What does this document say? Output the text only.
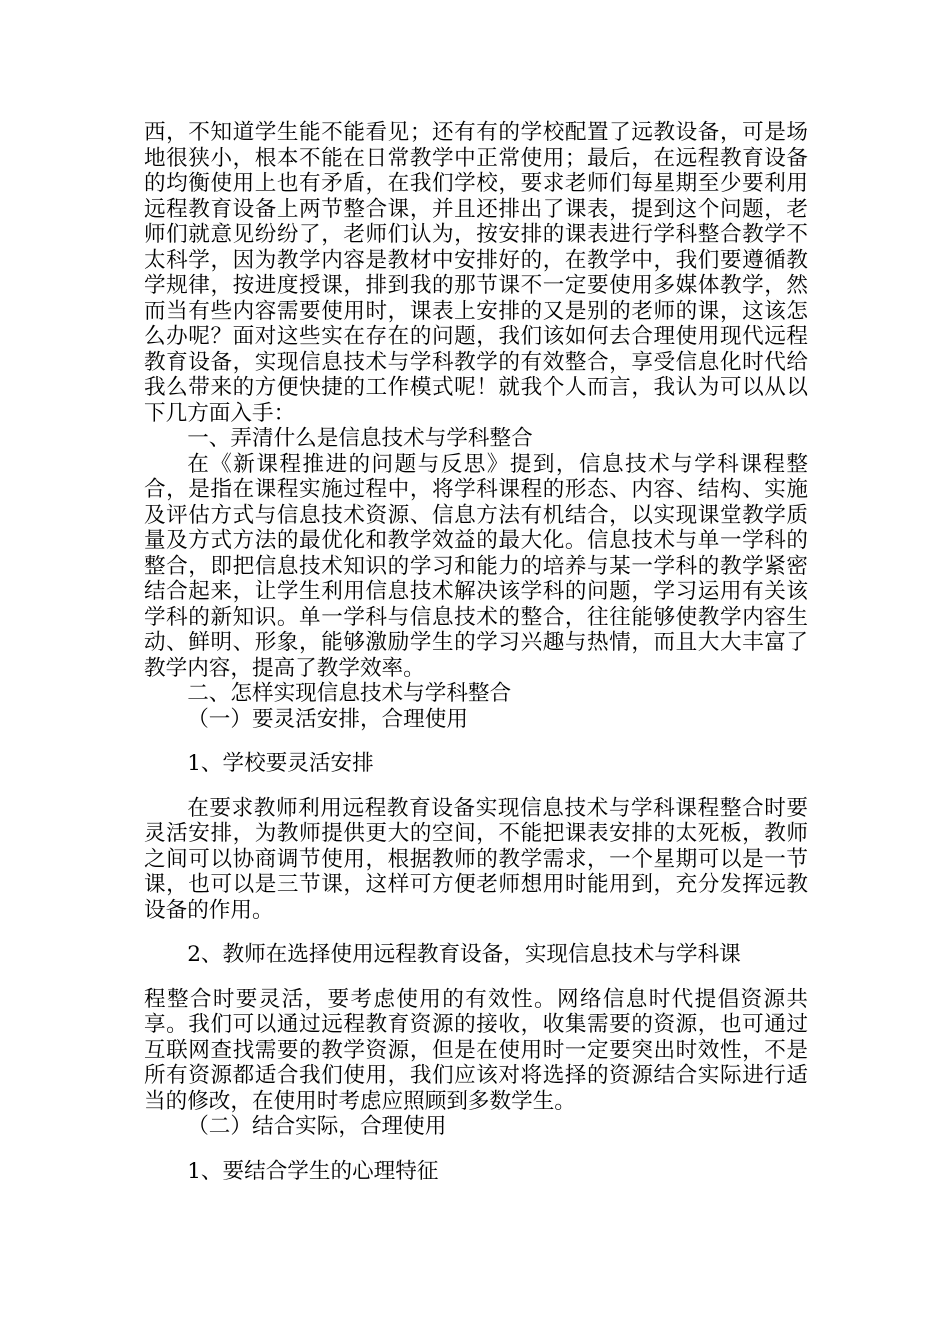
西，不知道学生能不能看见；还有有的学校配置了远教设备，可是场地很狭小，根本不能在日常教学中正常使用；最后，在远程教育设备的均衡使用上也有矛盾，在我们学校，要求老师们每星期至少要利用远程教育设备上两节整合课，并且还排出了课表，提到这个问题，老师们就意见纷纷了，老师们认为，按安排的课表进行学科整合教学不太科学，因为教学内容是教材中安排好的，在教学中，我们要遵循教学规律，按进度授课，排到我的那节课不一定要使用多媒体教学，然而当有些内容需要使用时，课表上安排的又是别的老师的课，这该怎么办呢？面对这些实在存在的问题，我们该如何去合理使用现代远程教育设备，实现信息技术与学科教学的有效整合，享受信息化时代给我么带来的方便快捷的工作模式呢！就我个人而言，我认为可以从以下几方面入手：

一、弄清什么是信息技术与学科整合

在《新课程推进的问题与反思》提到，信息技术与学科课程整合，是指在课程实施过程中，将学科课程的形态、内容、结构、实施及评估方式与信息技术资源、信息方法有机结合，以实现课堂教学质量及方式方法的最优化和教学效益的最大化。信息技术与单一学科的整合，即把信息技术知识的学习和能力的培养与某一学科的教学紧密结合起来，让学生利用信息技术解决该学科的问题，学习运用有关该学科的新知识。单一学科与信息技术的整合，往往能够使教学内容生动、鲜明、形象，能够激励学生的学习兴趣与热情，而且大大丰富了教学内容，提高了教学效率。

二、怎样实现信息技术与学科整合

（一）要灵活安排，合理使用

1、学校要灵活安排

在要求教师利用远程教育设备实现信息技术与学科课程整合时要灵活安排，为教师提供更大的空间，不能把课表安排的太死板，教师之间可以协商调节使用，根据教师的教学需求，一个星期可以是一节课，也可以是三节课，这样可方便老师想用时能用到，充分发挥远教设备的作用。

2、教师在选择使用远程教育设备，实现信息技术与学科课

程整合时要灵活，要考虑使用的有效性。网络信息时代提倡资源共享。我们可以通过远程教育资源的接收，收集需要的资源，也可通过互联网查找需要的教学资源，但是在使用时一定要突出时效性，不是所有资源都适合我们使用，我们应该对将选择的资源结合实际进行适当的修改，在使用时考虑应照顾到多数学生。

（二）结合实际，合理使用

1、要结合学生的心理特征
